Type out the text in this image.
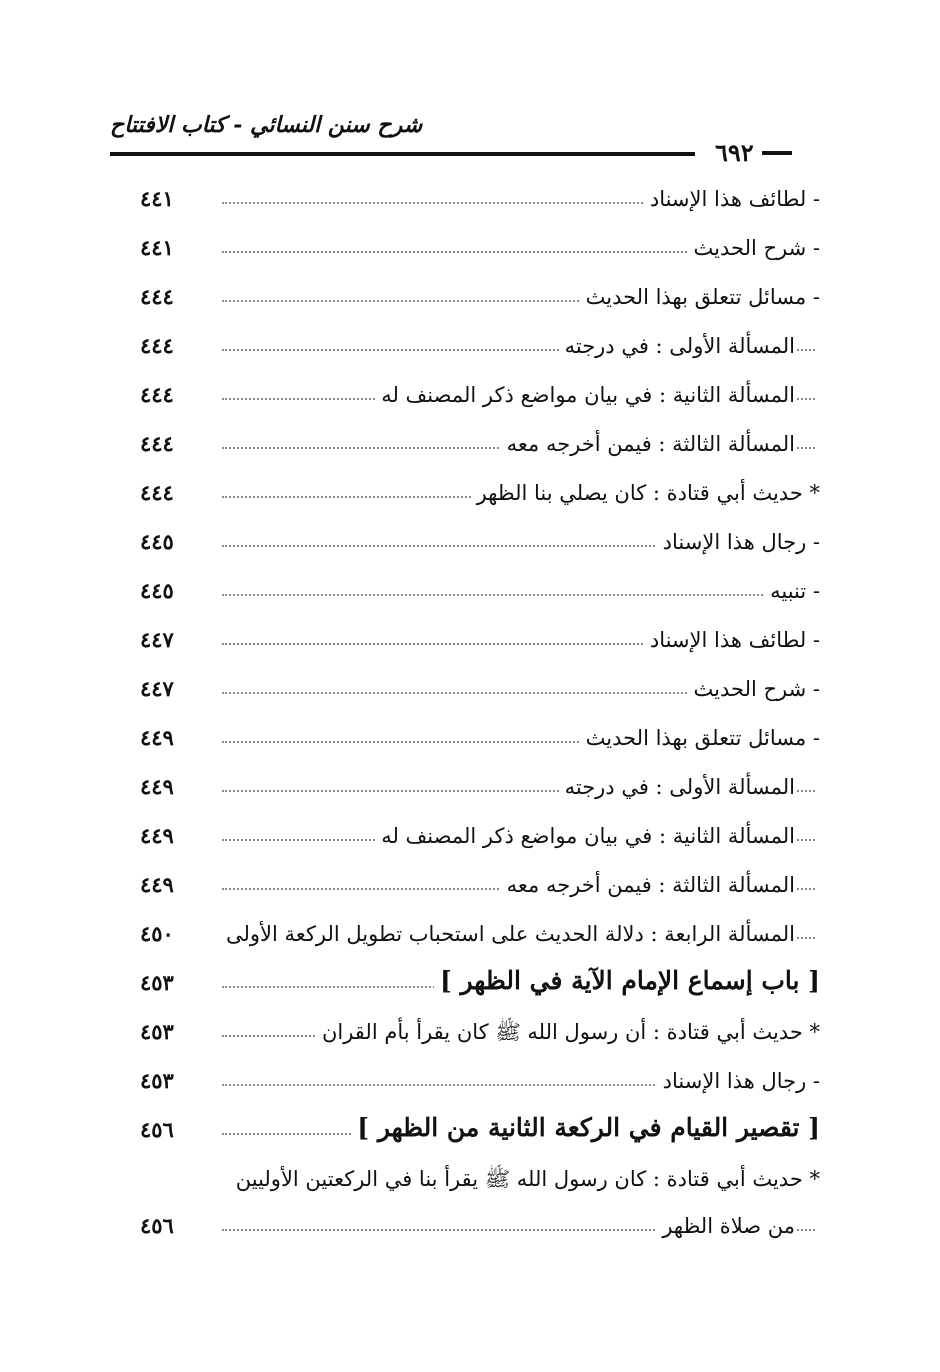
شرح سنن النسائي - كتاب الافتتاح
٦٩٢
- لطائف هذا الإسناد
٤٤١
- شرح الحديث
٤٤١
- مسائل تتعلق بهذا الحديث
٤٤٤
المسألة الأولى : في درجته
٤٤٤
المسألة الثانية : في بيان مواضع ذكر المصنف له
٤٤٤
المسألة الثالثة : فيمن أخرجه معه
٤٤٤
* حديث أبي قتادة : كان يصلي بنا الظهر
٤٤٤
- رجال هذا الإسناد
٤٤٥
- تنبيه
٤٤٥
- لطائف هذا الإسناد
٤٤٧
- شرح الحديث
٤٤٧
- مسائل تتعلق بهذا الحديث
٤٤٩
المسألة الأولى : في درجته
٤٤٩
المسألة الثانية : في بيان مواضع ذكر المصنف له
٤٤٩
المسألة الثالثة : فيمن أخرجه معه
٤٤٩
المسألة الرابعة : دلالة الحديث على استحباب تطويل الركعة الأولى
٤٥٠
[ باب إسماع الإمام الآية في الظهر ]
٤٥٣
* حديث أبي قتادة : أن رسول الله ﷺ كان يقرأ بأم القران
٤٥٣
- رجال هذا الإسناد
٤٥٣
[ تقصير القيام في الركعة الثانية من الظهر ]
٤٥٦
* حديث أبي قتادة : كان رسول الله ﷺ يقرأ بنا في الركعتين الأوليين
من صلاة الظهر
٤٥٦
